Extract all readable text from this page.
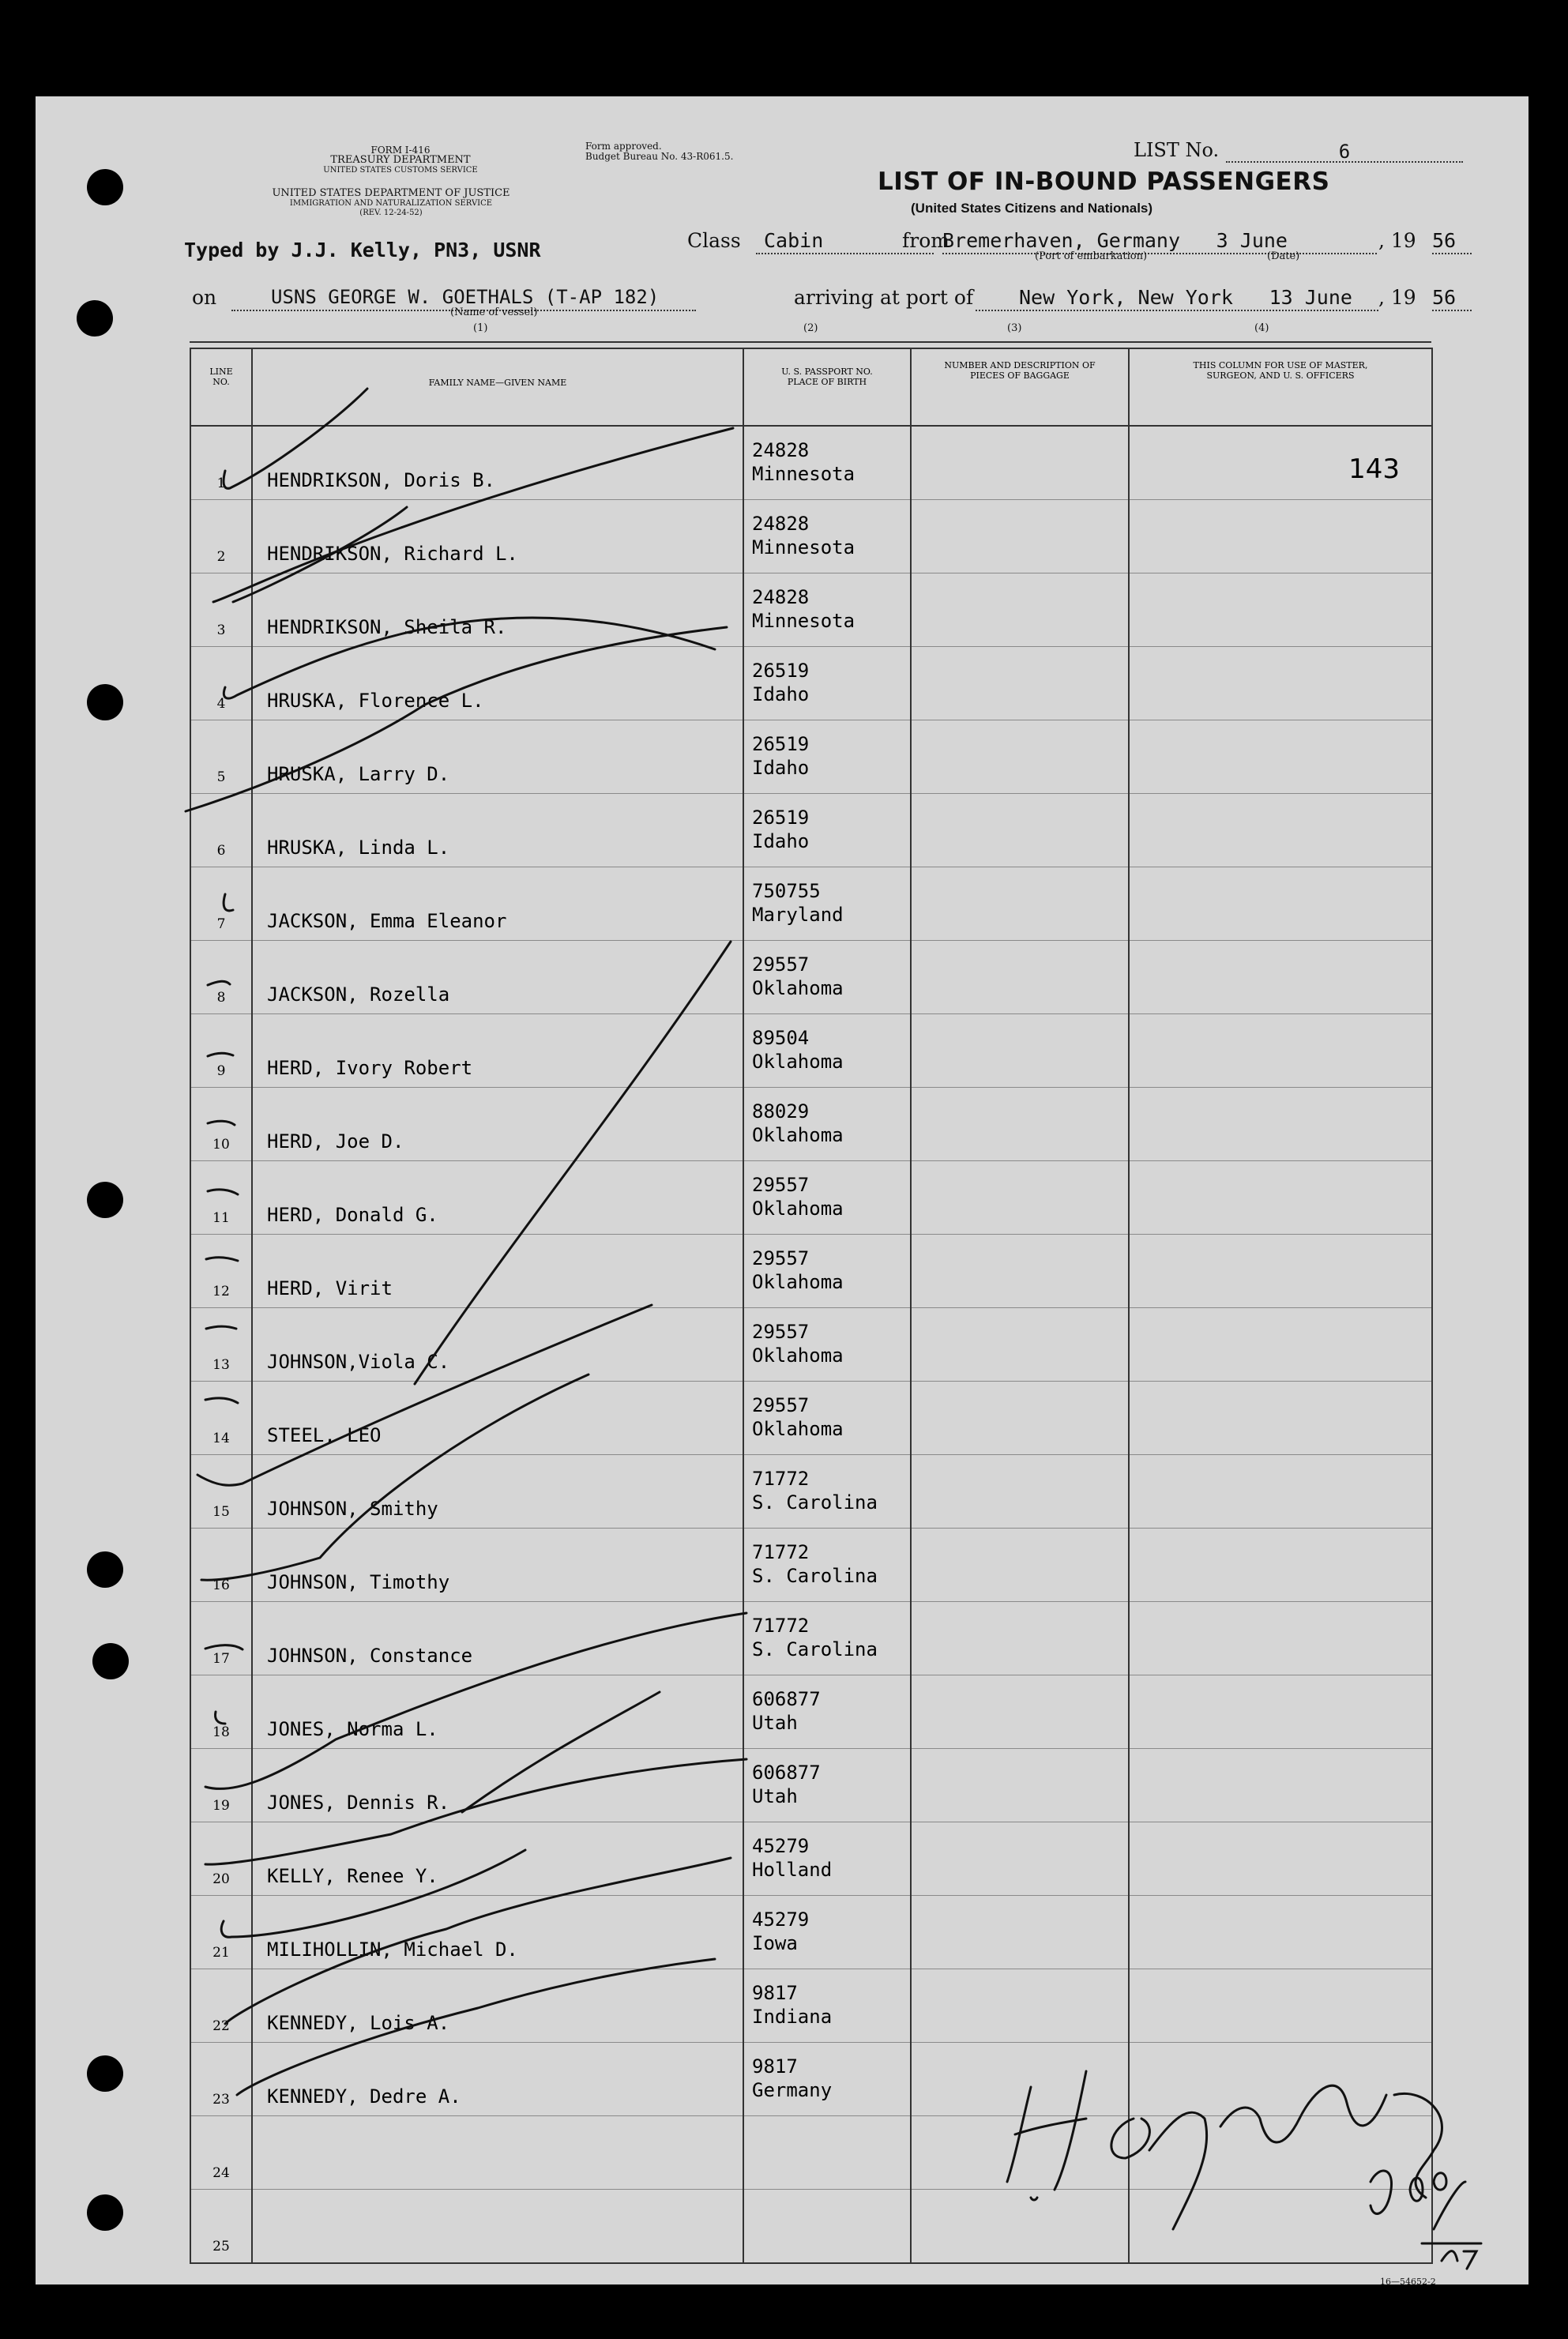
FORM I-416
TREASURY DEPARTMENT
UNITED STATES CUSTOMS SERVICE
UNITED STATES DEPARTMENT OF JUSTICE
IMMIGRATION AND NATURALIZATION SERVICE
(REV. 12-24-52)
Form approved.
Budget Bureau No. 43-R061.5.	LIST No.	6
LIST OF IN-BOUND PASSENGERS
(United States Citizens and Nationals)
Typed by J.J. Kelly, PN3, USNR	Class	Cabin	from
Bremerhaven, Germany 3 June	, 19 56
(Port of embarkation)	(Date)
on	USNS GEORGE W. GOETHALS (T-AP 182)
(Name of vessel)
arriving at port of	New York, New York 13 June	, 19 56
(1)	(2)	(3)	(4)
LINE NO.	FAMILY NAME—GIVEN NAME	U. S. PASSPORT NO. PLACE OF BIRTH	NUMBER AND DESCRIPTION OF PIECES OF BAGGAGE	THIS COLUMN FOR USE OF MASTER, SURGEON, AND U. S. OFFICERS

1	HENDRIKSON, Doris B.	24828
Minnesota		143

2	HENDRIKSON, Richard L.	24828
Minnesota		

3	HENDRIKSON, Sheila R.	24828
Minnesota		

4	HRUSKA, Florence L.	26519
Idaho		

5	HRUSKA, Larry D.	26519
Idaho		

6	HRUSKA, Linda L.	26519
Idaho		

7	JACKSON, Emma Eleanor	750755
Maryland		

8	JACKSON, Rozella	29557
Oklahoma		

9	HERD, Ivory Robert	89504
Oklahoma		

10	HERD, Joe D.	88029
Oklahoma		

11	HERD, Donald G.	29557
Oklahoma		

12	HERD, Virit	29557
Oklahoma		

13	JOHNSON,Viola C.	29557
Oklahoma		

14	STEEL, LEO	29557
Oklahoma		

15	JOHNSON, Smithy	71772
S. Carolina		

16	JOHNSON, Timothy	71772
S. Carolina		

17	JOHNSON, Constance	71772
S. Carolina		

18	JONES, Norma L.	606877
Utah		

19	JONES, Dennis R.	606877
Utah		

20	KELLY, Renee Y.	45279
Holland		

21	MILIHOLLIN, Michael D.	45279
Iowa		

22	KENNEDY, Lois A.	9817
Indiana		

23	KENNEDY, Dedre A.	9817
Germany		

24				

25				

16—54652-2
